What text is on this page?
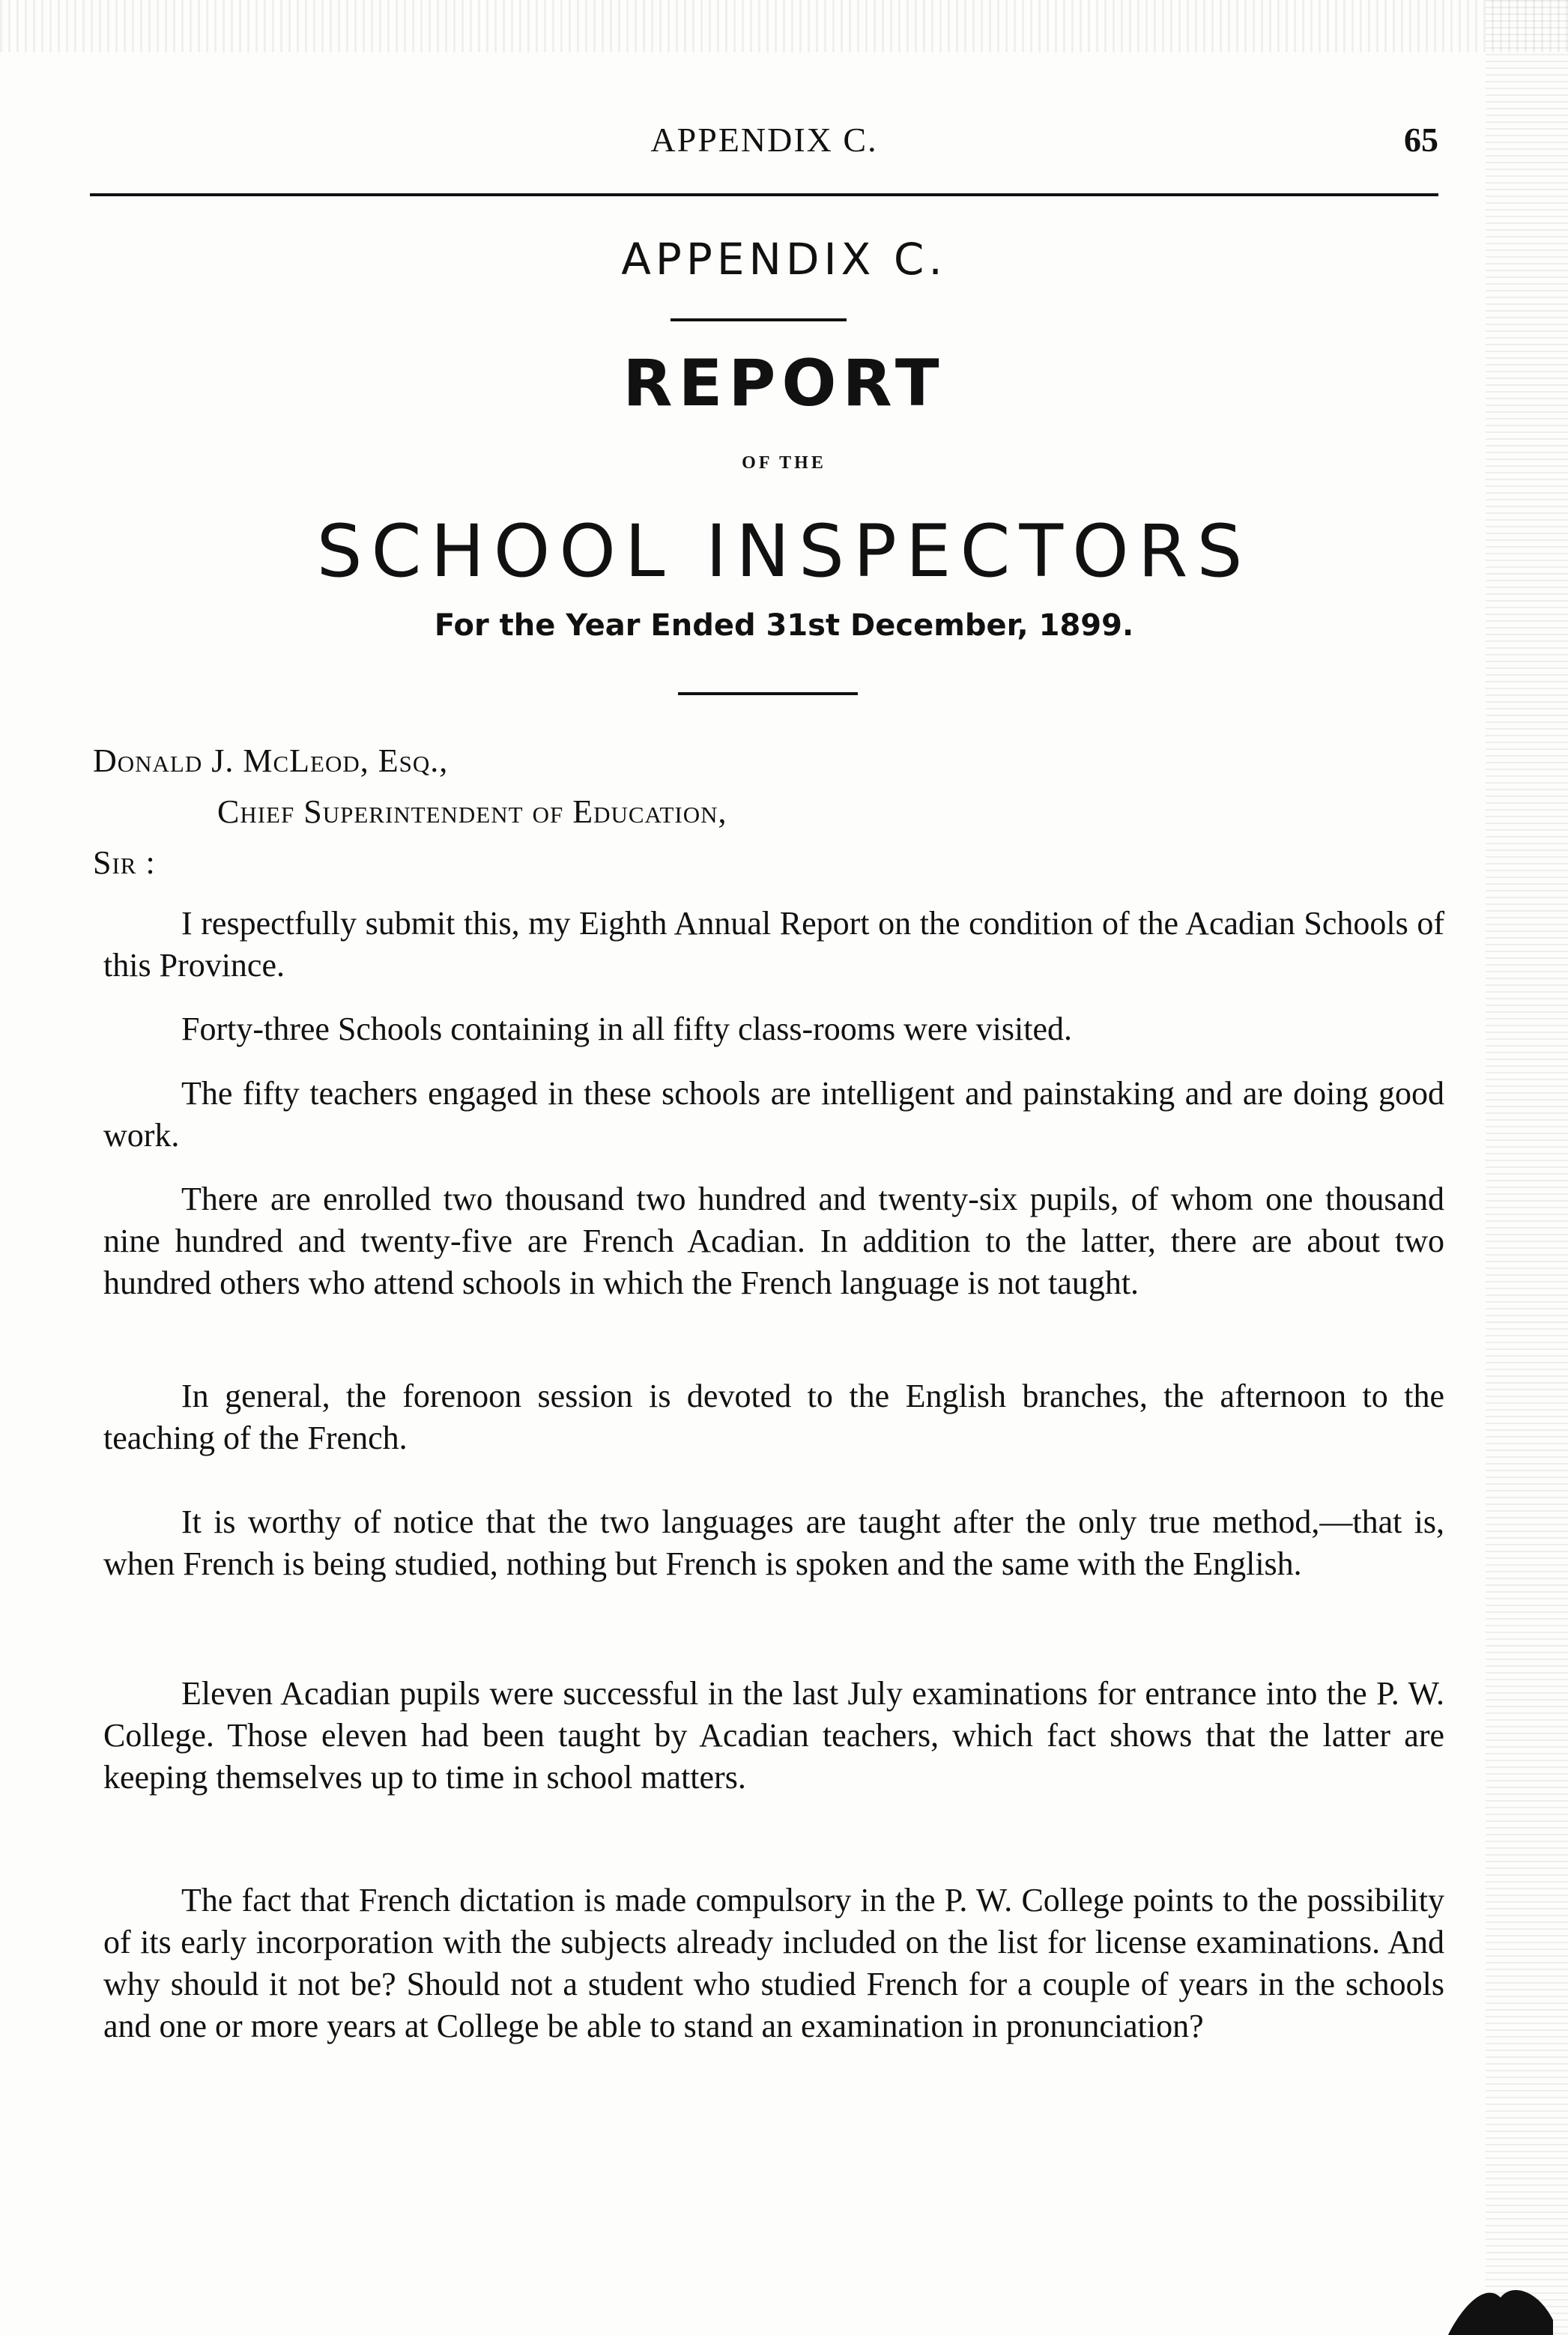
APPENDIX C.	65
APPENDIX C.
REPORT
OF THE
SCHOOL INSPECTORS
For the Year Ended 31st December, 1899.
Donald J. McLeod, Esq.,
Chief Superintendent of Education,
Sir :

I respectfully submit this, my Eighth Annual Report on the condition of the Acadian Schools of this Province.

Forty-three Schools containing in all fifty class-rooms were visited.

The fifty teachers engaged in these schools are intelligent and painstaking and are doing good work.

There are enrolled two thousand two hundred and twenty-six pupils, of whom one thousand nine hundred and twenty-five are French Acadian. In addition to the latter, there are about two hundred others who attend schools in which the French language is not taught.

In general, the forenoon session is devoted to the English branches, the afternoon to the teaching of the French.

It is worthy of notice that the two languages are taught after the only true method,—that is, when French is being studied, nothing but French is spoken and the same with the English.

Eleven Acadian pupils were successful in the last July examinations for entrance into the P. W. College. Those eleven had been taught by Acadian teachers, which fact shows that the latter are keeping themselves up to time in school matters.

The fact that French dictation is made compulsory in the P. W. College points to the possibility of its early incorporation with the subjects already included on the list for license examinations. And why should it not be? Should not a student who studied French for a couple of years in the schools and one or more years at College be able to stand an examination in pronunciation?
